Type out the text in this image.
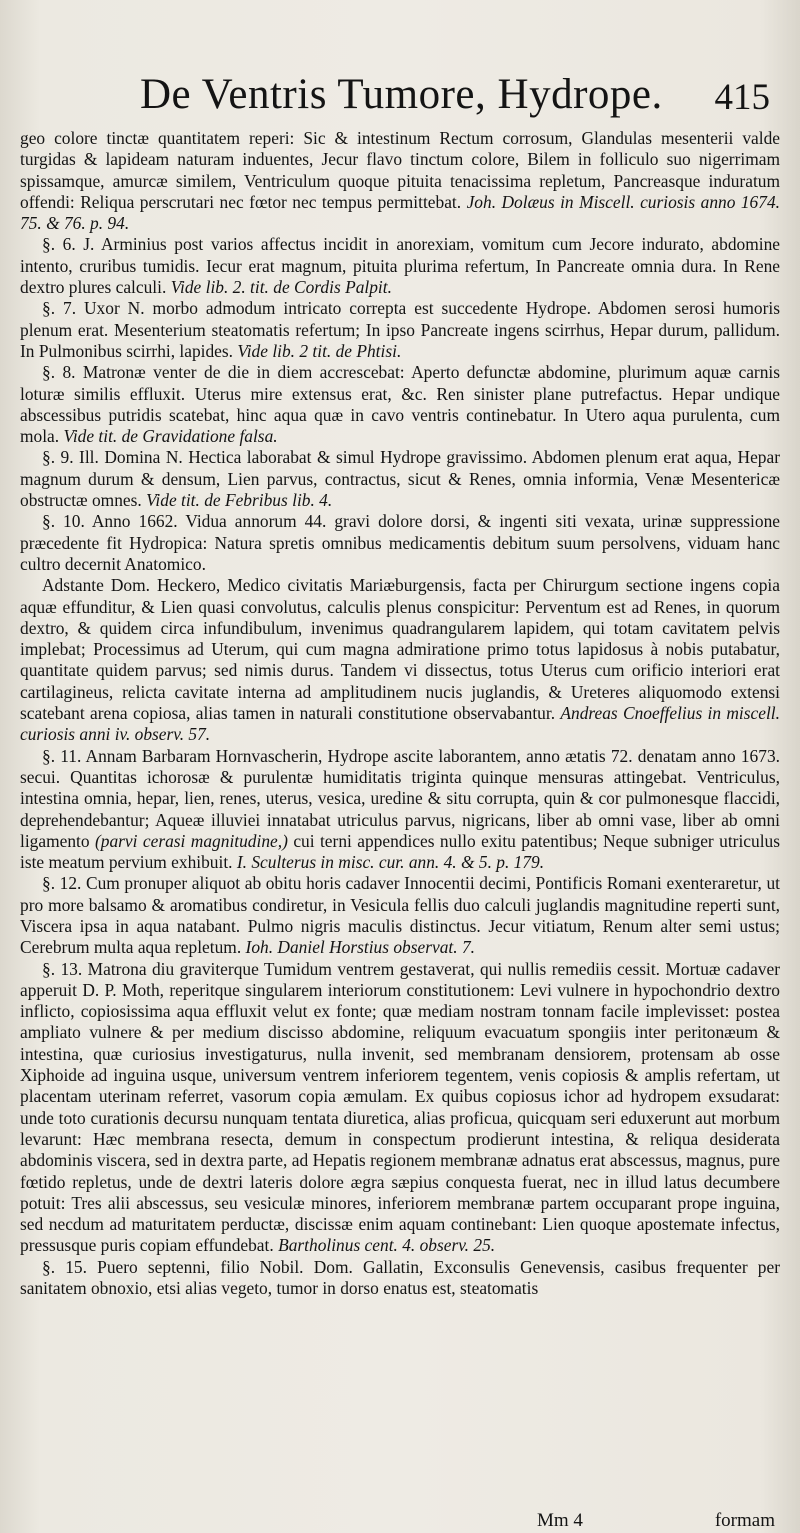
De Ventris Tumore, Hydrope. 415

geo colore tinctæ quantitatem reperi: Sic & intestinum Rectum corrosum, Glandulas mesenterii valde turgidas & lapideam naturam induentes, Jecur flavo tinctum colore, Bilem in folliculo suo nigerrimam spissamque, amurcæ similem, Ventriculum quoque pituita tenacissima repletum, Pancreasque induratum offendi: Reliqua perscrutari nec fœtor nec tempus permittebat. Joh. Dolæus in Miscell. curiosis anno 1674. 75. & 76. p. 94.

§. 6. J. Arminius post varios affectus incidit in anorexiam, vomitum cum Jecore indurato, abdomine intento, cruribus tumidis. Iecur erat magnum, pituita plurima refertum, In Pancreate omnia dura. In Rene dextro plures calculi. Vide lib. 2. tit. de Cordis Palpit.

§. 7. Uxor N. morbo admodum intricato correpta est succedente Hydrope. Abdomen serosi humoris plenum erat. Mesenterium steatomatis refertum; In ipso Pancreate ingens scirrhus, Hepar durum, pallidum. In Pulmonibus scirrhi, lapides. Vide lib. 2 tit. de Phtisi.

§. 8. Matronæ venter de die in diem accrescebat: Aperto defunctæ abdomine, plurimum aquæ carnis loturæ similis effluxit. Uterus mire extensus erat, &c. Ren sinister plane putrefactus. Hepar undique abscessibus putridis scatebat, hinc aqua quæ in cavo ventris continebatur. In Utero aqua purulenta, cum mola. Vide tit. de Gravidatione falsa.

§. 9. Ill. Domina N. Hectica laborabat & simul Hydrope gravissimo. Abdomen plenum erat aqua, Hepar magnum durum & densum, Lien parvus, contractus, sicut & Renes, omnia informia, Venæ Mesentericæ obstructæ omnes. Vide tit. de Febribus lib. 4.

§. 10. Anno 1662. Vidua annorum 44. gravi dolore dorsi, & ingenti siti vexata, urinæ suppressione præcedente fit Hydropica: Natura spretis omnibus medicamentis debitum suum persolvens, viduam hanc cultro decernit Anatomico.

Adstante Dom. Heckero, Medico civitatis Mariæburgensis, facta per Chirurgum sectione ingens copia aquæ effunditur, & Lien quasi convolutus, calculis plenus conspicitur: Perventum est ad Renes, in quorum dextro, & quidem circa infundibulum, invenimus quadrangularem lapidem, qui totam cavitatem pelvis implebat; Processimus ad Uterum, qui cum magna admiratione primo totus lapidosus à nobis putabatur, quantitate quidem parvus; sed nimis durus. Tandem vi dissectus, totus Uterus cum orificio interiori erat cartilagineus, relicta cavitate interna ad amplitudinem nucis juglandis, & Ureteres aliquomodo extensi scatebant arena copiosa, alias tamen in naturali constitutione observabantur. Andreas Cnoeffelius in miscell. curiosis anni iv. observ. 57.

§. 11. Annam Barbaram Hornvascherin, Hydrope ascite laborantem, anno ætatis 72. denatam anno 1673. secui. Quantitas ichorosæ & purulentæ humiditatis triginta quinque mensuras attingebat. Ventriculus, intestina omnia, hepar, lien, renes, uterus, vesica, uredine & situ corrupta, quin & cor pulmonesque flaccidi, deprehendebantur; Aqueæ illuviei innatabat utriculus parvus, nigricans, liber ab omni vase, liber ab omni ligamento (parvi cerasi magnitudine,) cui terni appendices nullo exitu patentibus; Neque subniger utriculus iste meatum pervium exhibuit. I. Sculterus in misc. cur. ann. 4. & 5. p. 179.

§. 12. Cum pronuper aliquot ab obitu horis cadaver Innocentii decimi, Pontificis Romani exenteraretur, ut pro more balsamo & aromatibus condiretur, in Vesicula fellis duo calculi juglandis magnitudine reperti sunt, Viscera ipsa in aqua natabant. Pulmo nigris maculis distinctus. Jecur vitiatum, Renum alter semi ustus; Cerebrum multa aqua repletum. Ioh. Daniel Horstius observat. 7.

§. 13. Matrona diu graviterque Tumidum ventrem gestaverat, qui nullis remediis cessit. Mortuæ cadaver apperuit D. P. Moth, reperitque singularem interiorum constitutionem: Levi vulnere in hypochondrio dextro inflicto, copiosissima aqua effluxit velut ex fonte; quæ mediam nostram tonnam facile implevisset: postea ampliato vulnere & per medium discisso abdomine, reliquum evacuatum spongiis inter peritonæum & intestina, quæ curiosius investigaturus, nulla invenit, sed membranam densiorem, protensam ab osse Xiphoide ad inguina usque, universum ventrem inferiorem tegentem, venis copiosis & amplis refertam, ut placentam uterinam referret, vasorum copia æmulam. Ex quibus copiosus ichor ad hydropem exsudarat: unde toto curationis decursu nunquam tentata diuretica, alias proficua, quicquam seri eduxerunt aut morbum levarunt: Hæc membrana resecta, demum in conspectum prodierunt intestina, & reliqua desiderata abdominis viscera, sed in dextra parte, ad Hepatis regionem membranæ adnatus erat abscessus, magnus, pure fœtido repletus, unde de dextri lateris dolore ægra sæpius conquesta fuerat, nec in illud latus decumbere potuit: Tres alii abscessus, seu vesiculæ minores, inferiorem membranæ partem occuparant prope inguina, sed necdum ad maturitatem perductæ, discissæ enim aquam continebant: Lien quoque apostemate infectus, pressusque puris copiam effundebat. Bartholinus cent. 4. observ. 25.

§. 15. Puero septenni, filio Nobil. Dom. Gallatin, Exconsulis Genevensis, casibus frequenter per sanitatem obnoxio, etsi alias vegeto, tumor in dorso enatus est, steatomatis

Mm 4	formam
